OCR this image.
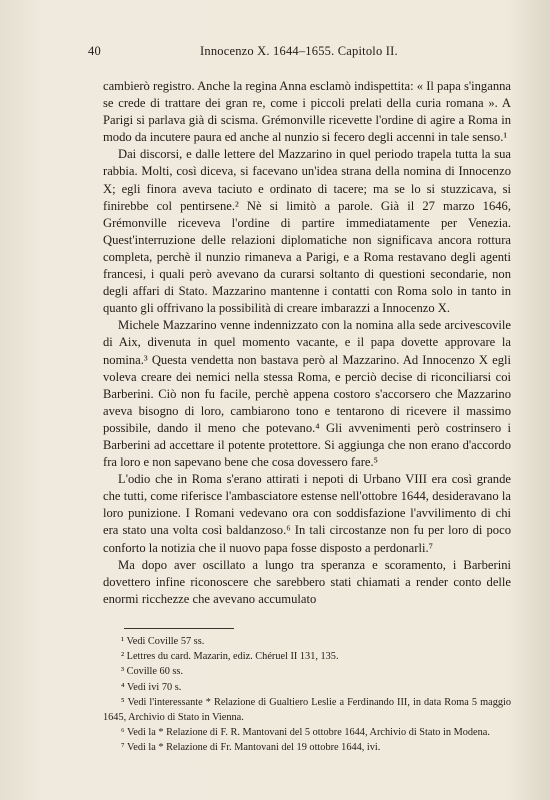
40	Innocenzo X. 1644–1655. Capitolo II.

cambierò registro. Anche la regina Anna esclamò indispettita: « Il papa s'inganna se crede di trattare dei gran re, come i piccoli prelati della curia romana ». A Parigi si parlava già di scisma. Grémonville ricevette l'ordine di agire a Roma in modo da incutere paura ed anche al nunzio si fecero degli accenni in tale senso.¹

Dai discorsi, e dalle lettere del Mazzarino in quel periodo trapela tutta la sua rabbia. Molti, così diceva, si facevano un'idea strana della nomina di Innocenzo X; egli finora aveva taciuto e ordinato di tacere; ma se lo si stuzzicava, si finirebbe col pentirsene.² Nè si limitò a parole. Già il 27 marzo 1646, Grémonville riceveva l'ordine di partire immediatamente per Venezia. Quest'interruzione delle relazioni diplomatiche non significava ancora rottura completa, perchè il nunzio rimaneva a Parigi, e a Roma restavano degli agenti francesi, i quali però avevano da curarsi soltanto di questioni secondarie, non degli affari di Stato. Mazzarino mantenne i contatti con Roma solo in tanto in quanto gli offrivano la possibilità di creare imbarazzi a Innocenzo X.

Michele Mazzarino venne indennizzato con la nomina alla sede arcivescovile di Aix, divenuta in quel momento vacante, e il papa dovette approvare la nomina.³ Questa vendetta non bastava però al Mazzarino. Ad Innocenzo X egli voleva creare dei nemici nella stessa Roma, e perciò decise di riconciliarsi coi Barberini. Ciò non fu facile, perchè appena costoro s'accorsero che Mazzarino aveva bisogno di loro, cambiarono tono e tentarono di ricevere il massimo possibile, dando il meno che potevano.⁴ Gli avvenimenti però costrinsero i Barberini ad accettare il potente protettore. Si aggiunga che non erano d'accordo fra loro e non sapevano bene che cosa dovessero fare.⁵

L'odio che in Roma s'erano attirati i nepoti di Urbano VIII era così grande che tutti, come riferisce l'ambasciatore estense nell'ottobre 1644, desideravano la loro punizione. I Romani vedevano ora con soddisfazione l'avvilimento di chi era stato una volta così baldanzoso.⁶ In tali circostanze non fu per loro di poco conforto la notizia che il nuovo papa fosse disposto a perdonarli.⁷

Ma dopo aver oscillato a lungo tra speranza e scoramento, i Barberini dovettero infine riconoscere che sarebbero stati chiamati a render conto delle enormi ricchezze che avevano accumulato

¹ Vedi Coville 57 ss.

² Lettres du card. Mazarin, ediz. Chéruel II 131, 135.

³ Coville 60 ss.

⁴ Vedi ivi 70 s.

⁵ Vedi l'interessante * Relazione di Gualtiero Leslie a Ferdinando III, in data Roma 5 maggio 1645, Archivio di Stato in Vienna.

⁶ Vedi la * Relazione di F. R. Mantovani del 5 ottobre 1644, Archivio di Stato in Modena.

⁷ Vedi la * Relazione di Fr. Mantovani del 19 ottobre 1644, ivi.
